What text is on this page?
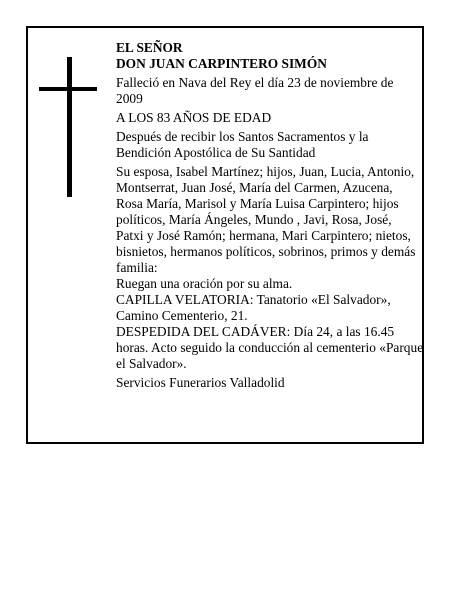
EL SEÑOR
DON JUAN CARPINTERO SIMÓN
Falleció en Nava del Rey el día 23 de noviembre de
2009
A LOS 83 AÑOS DE EDAD
Después de recibir los Santos Sacramentos y la
Bendición Apostólica de Su Santidad
Su esposa, Isabel Martínez; hijos, Juan, Lucia, Antonio,
Montserrat, Juan José, María del Carmen, Azucena,
Rosa María, Marisol y María Luisa Carpintero; hijos
políticos, María Ángeles, Mundo , Javi, Rosa, José,
Patxi y José Ramón; hermana, Mari Carpintero; nietos,
bisnietos, hermanos políticos, sobrinos, primos y demás
familia:
Ruegan una oración por su alma.
CAPILLA VELATORIA: Tanatorio «El Salvador»,
Camino Cementerio, 21.
DESPEDIDA DEL CADÁVER: Día 24, a las 16.45
horas. Acto seguido la conducción al cementerio «Parque
el Salvador».
Servicios Funerarios Valladolid
